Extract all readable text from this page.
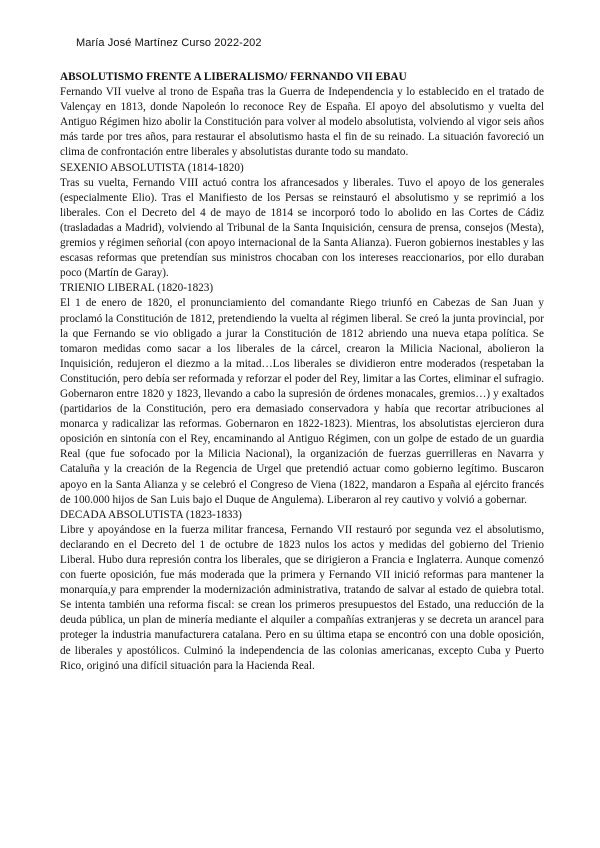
María José Martínez Curso 2022-202

ABSOLUTISMO FRENTE A LIBERALISMO/ FERNANDO VII EBAU

Fernando VII vuelve al trono de España tras la Guerra de Independencia y lo establecido en el tratado de Valençay en 1813, donde Napoleón lo reconoce Rey de España. El apoyo del absolutismo y vuelta del Antiguo Régimen hizo abolir la Constitución para volver al modelo absolutista, volviendo al vigor seis años más tarde por tres años, para restaurar el absolutismo hasta el fin de su reinado. La situación favoreció un clima de confrontación entre liberales y absolutistas durante todo su mandato.

SEXENIO ABSOLUTISTA (1814-1820)

Tras su vuelta, Fernando VIII actuó contra los afrancesados y liberales. Tuvo el apoyo de los generales (especialmente Elio). Tras el Manifiesto de los Persas se reinstauró el absolutismo y se reprimió a los liberales. Con el Decreto del 4 de mayo de 1814 se incorporó todo lo abolido en las Cortes de Cádiz (trasladadas a Madrid), volviendo al Tribunal de la Santa Inquisición, censura de prensa, consejos (Mesta), gremios y régimen señorial (con apoyo internacional de la Santa Alianza). Fueron gobiernos inestables y las escasas reformas que pretendían sus ministros chocaban con los intereses reaccionarios, por ello duraban poco (Martín de Garay).

TRIENIO LIBERAL (1820-1823)

El 1 de enero de 1820, el pronunciamiento del comandante Riego triunfó en Cabezas de San Juan y proclamó la Constitución de 1812, pretendiendo la vuelta al régimen liberal. Se creó la junta provincial, por la que Fernando se vio obligado a jurar la Constitución de 1812 abriendo una nueva etapa política. Se tomaron medidas como sacar a los liberales de la cárcel, crearon la Milicia Nacional, abolieron la Inquisición, redujeron el diezmo a la mitad…Los liberales se dividieron entre moderados (respetaban la Constitución, pero debía ser reformada y reforzar el poder del Rey, limitar a las Cortes, eliminar el sufragio. Gobernaron entre 1820 y 1823, llevando a cabo la supresión de órdenes monacales, gremios…) y exaltados (partidarios de la Constitución, pero era demasiado conservadora y había que recortar atribuciones al monarca y radicalizar las reformas. Gobernaron en 1822-1823). Mientras, los absolutistas ejercieron dura oposición en sintonía con el Rey, encaminando al Antiguo Régimen, con un golpe de estado de un guardia Real (que fue sofocado por la Milicia Nacional), la organización de fuerzas guerrilleras en Navarra y Cataluña y la creación de la Regencia de Urgel que pretendió actuar como gobierno legítimo. Buscaron apoyo en la Santa Alianza y se celebró el Congreso de Viena (1822, mandaron a España al ejército francés de 100.000 hijos de San Luis bajo el Duque de Angulema). Liberaron al rey cautivo y volvió a gobernar.

DECADA ABSOLUTISTA (1823-1833)

Libre y apoyándose en la fuerza militar francesa, Fernando VII restauró por segunda vez el absolutismo, declarando en el Decreto del 1 de octubre de 1823 nulos los actos y medidas del gobierno del Trienio Liberal. Hubo dura represión contra los liberales, que se dirigieron a Francia e Inglaterra. Aunque comenzó con fuerte oposición, fue más moderada que la primera y Fernando VII inició reformas para mantener la monarquía,y para emprender la modernización administrativa, tratando de salvar al estado de quiebra total. Se intenta también una reforma fiscal: se crean los primeros presupuestos del Estado, una reducción de la deuda pública, un plan de minería mediante el alquiler a compañías extranjeras y se decreta un arancel para proteger la industria manufacturera catalana. Pero en su última etapa se encontró con una doble oposición, de liberales y apostólicos. Culminó la independencia de las colonias americanas, excepto Cuba y Puerto Rico, originó una difícil situación para la Hacienda Real.
